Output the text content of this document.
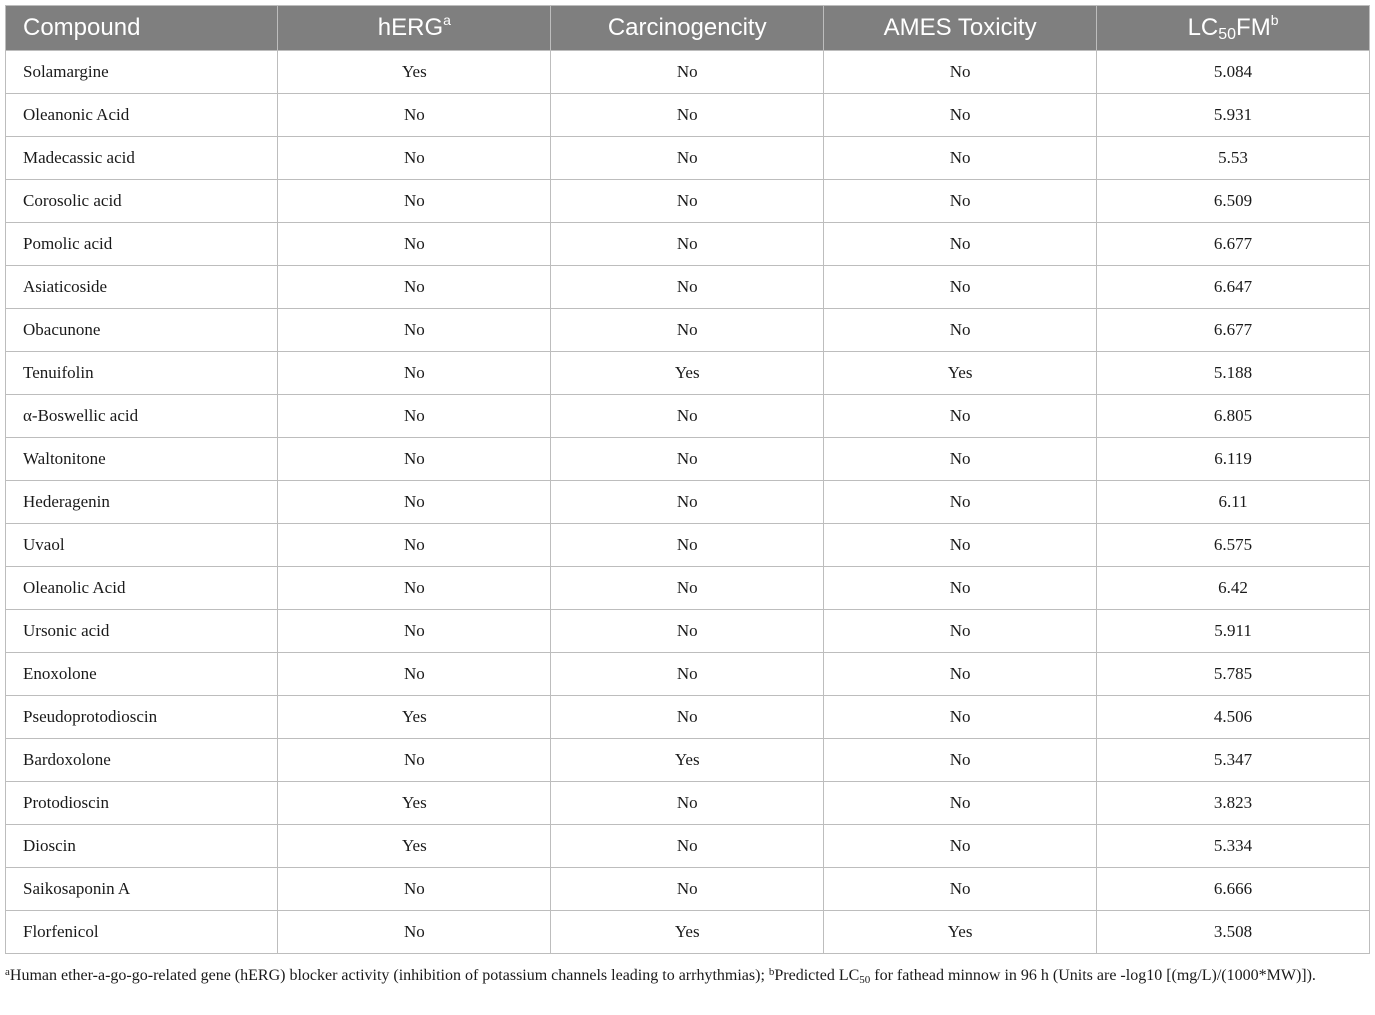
Compound	hERG$^a$	Carcinogencity	AMES Toxicity	$LC_{50}FM^b$
Solamargine	Yes	No	No	5.084
Oleanonic Acid	No	No	No	5.931
Madecassic acid	No	No	No	5.53
Corosolic acid	No	No	No	6.509
Pomolic acid	No	No	No	6.677
Asiaticoside	No	No	No	6.647
Obacunone	No	No	No	6.677
Tenuifolin	No	Yes	Yes	5.188
α-Boswellic acid	No	No	No	6.805
Waltonitone	No	No	No	6.119
Hederagenin	No	No	No	6.11
Uvaol	No	No	No	6.575
Oleanolic Acid	No	No	No	6.42
Ursonic acid	No	No	No	5.911
Enoxolone	No	No	No	5.785
Pseudoprotodioscin	Yes	No	No	4.506
Bardoxolone	No	Yes	No	5.347
Protodioscin	Yes	No	No	3.823
Dioscin	Yes	No	No	5.334
Saikosaponin A	No	No	No	6.666
Florfenicol	No	Yes	Yes	3.508
$^a$Human ether-a-go-go-related gene (hERG) blocker activity (inhibition of potassium channels leading to arrhythmias); $^b$Predicted $LC_{50}$ for fathead minnow in 96 h (Units are -log10 [(mg/L)/(1000*MW)]).
